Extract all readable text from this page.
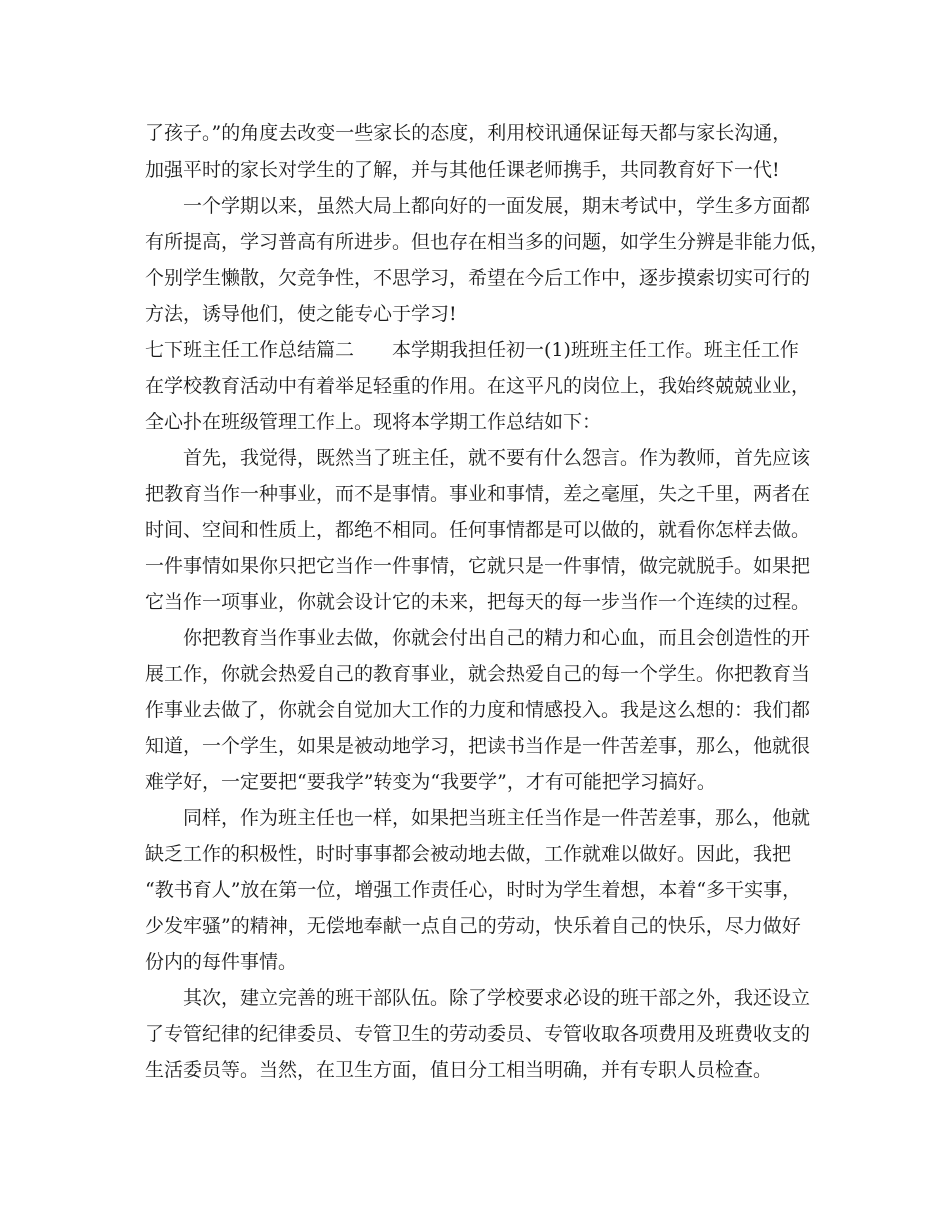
了孩子。”的角度去改变一些家长的态度，利用校讯通保证每天都与家长沟通，
加强平时的家长对学生的了解，并与其他任课老师携手，共同教育好下一代!
　　一个学期以来，虽然大局上都向好的一面发展，期末考试中，学生多方面都
有所提高，学习普高有所进步。但也存在相当多的问题，如学生分辨是非能力低，
个别学生懒散，欠竞争性，不思学习，希望在今后工作中，逐步摸索切实可行的
方法，诱导他们，使之能专心于学习!
七下班主任工作总结篇二　　本学期我担任初一(1)班班主任工作。班主任工作
在学校教育活动中有着举足轻重的作用。在这平凡的岗位上，我始终兢兢业业，
全心扑在班级管理工作上。现将本学期工作总结如下：
　　首先，我觉得，既然当了班主任，就不要有什么怨言。作为教师，首先应该
把教育当作一种事业，而不是事情。事业和事情，差之毫厘，失之千里，两者在
时间、空间和性质上，都绝不相同。任何事情都是可以做的，就看你怎样去做。
一件事情如果你只把它当作一件事情，它就只是一件事情，做完就脱手。如果把
它当作一项事业，你就会设计它的未来，把每天的每一步当作一个连续的过程。
　　你把教育当作事业去做，你就会付出自己的精力和心血，而且会创造性的开
展工作，你就会热爱自己的教育事业，就会热爱自己的每一个学生。你把教育当
作事业去做了，你就会自觉加大工作的力度和情感投入。我是这么想的：我们都
知道，一个学生，如果是被动地学习，把读书当作是一件苦差事，那么，他就很
难学好，一定要把“要我学”转变为“我要学”，才有可能把学习搞好。
　　同样，作为班主任也一样，如果把当班主任当作是一件苦差事，那么，他就
缺乏工作的积极性，时时事事都会被动地去做，工作就难以做好。因此，我把
“教书育人”放在第一位，增强工作责任心，时时为学生着想，本着“多干实事，
少发牢骚”的精神，无偿地奉献一点自己的劳动，快乐着自己的快乐，尽力做好
份内的每件事情。
　　其次，建立完善的班干部队伍。除了学校要求必设的班干部之外，我还设立
了专管纪律的纪律委员、专管卫生的劳动委员、专管收取各项费用及班费收支的
生活委员等。当然，在卫生方面，值日分工相当明确，并有专职人员检查。
